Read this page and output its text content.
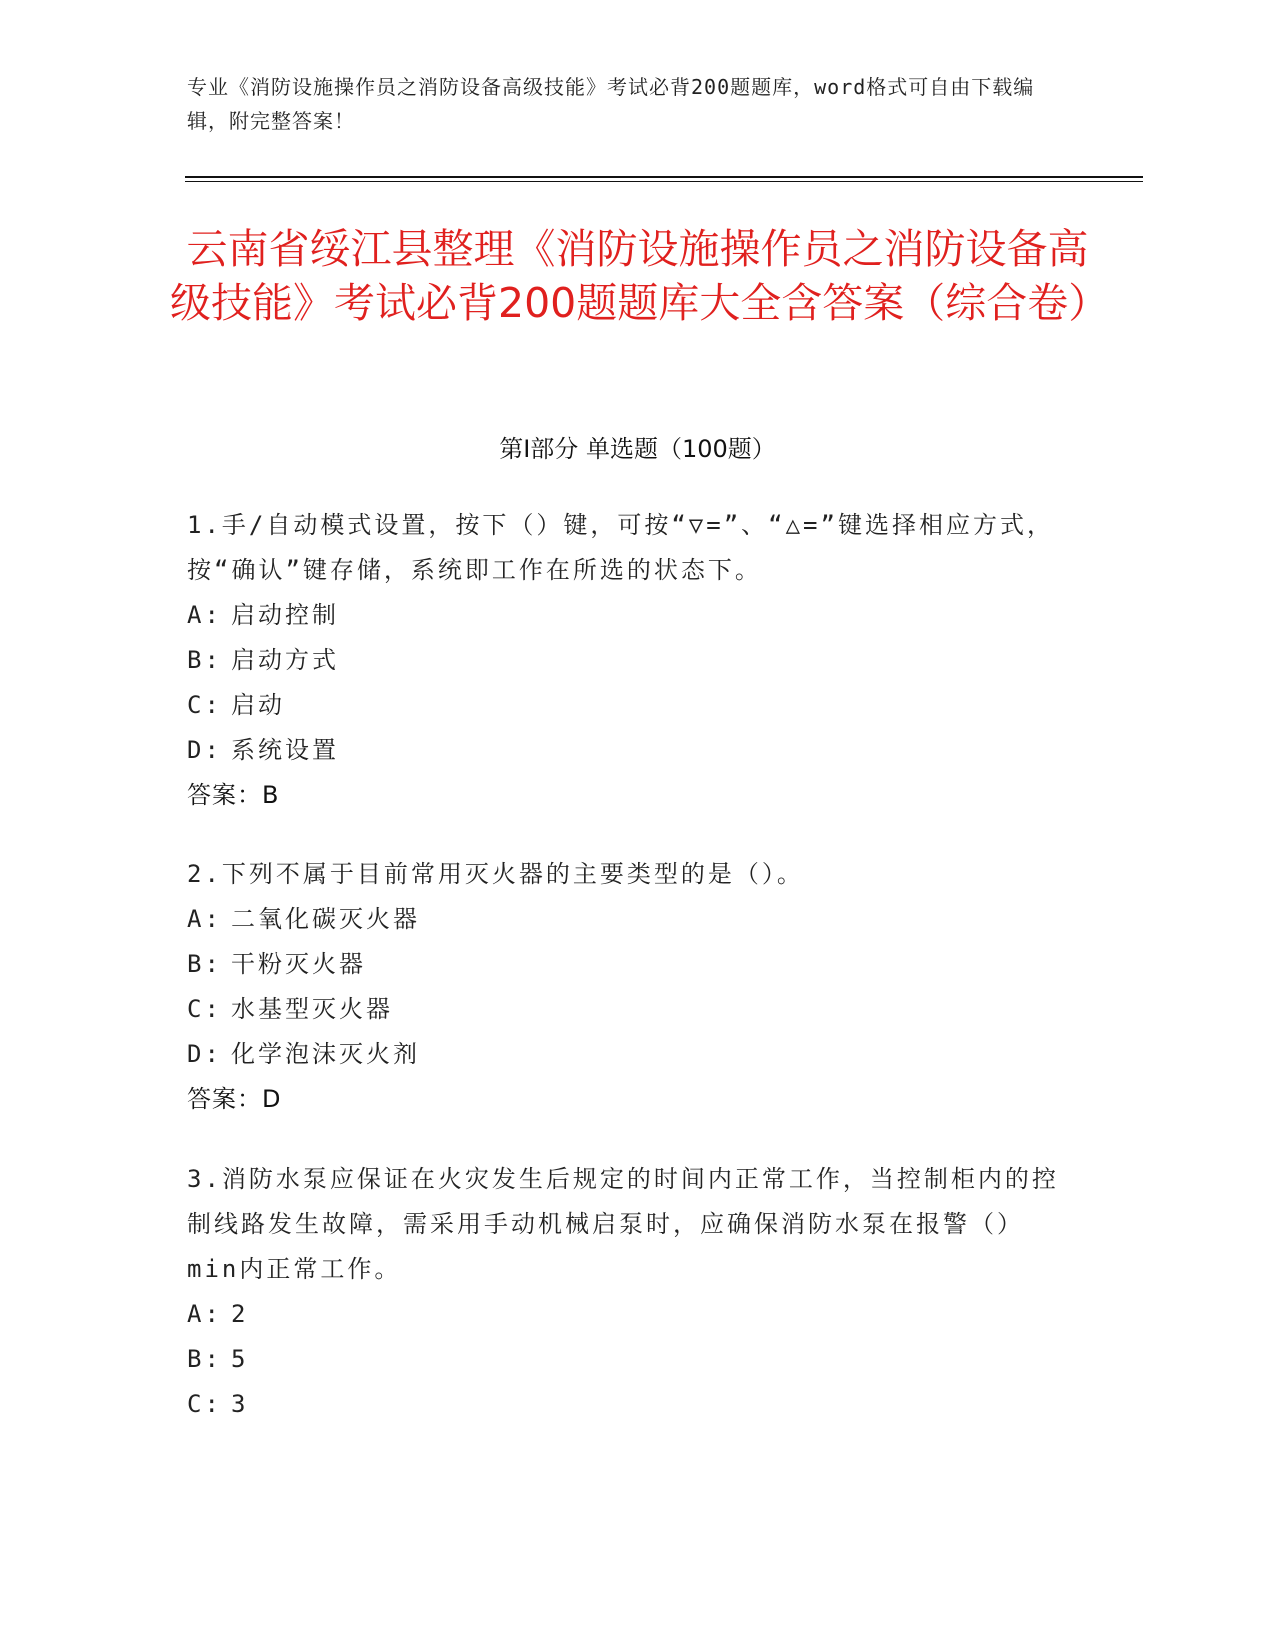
专业《消防设施操作员之消防设备高级技能》考试必背200题题库，word格式可自由下载编辑，附完整答案！
云南省绥江县整理《消防设施操作员之消防设备高级技能》考试必背200题题库大全含答案（综合卷）
第I部分 单选题（100题）

1.手/自动模式设置，按下（）键，可按“▽=”、“△=”键选择相应方式，按“确认”键存储，系统即工作在所选的状态下。

A: 启动控制

B: 启动方式

C: 启动

D: 系统设置

答案：B

2.下列不属于目前常用灭火器的主要类型的是（）。

A: 二氧化碳灭火器

B: 干粉灭火器

C: 水基型灭火器

D: 化学泡沫灭火剂

答案：D

3.消防水泵应保证在火灾发生后规定的时间内正常工作，当控制柜内的控制线路发生故障，需采用手动机械启泵时，应确保消防水泵在报警（）min内正常工作。

A: 2

B: 5

C: 3
